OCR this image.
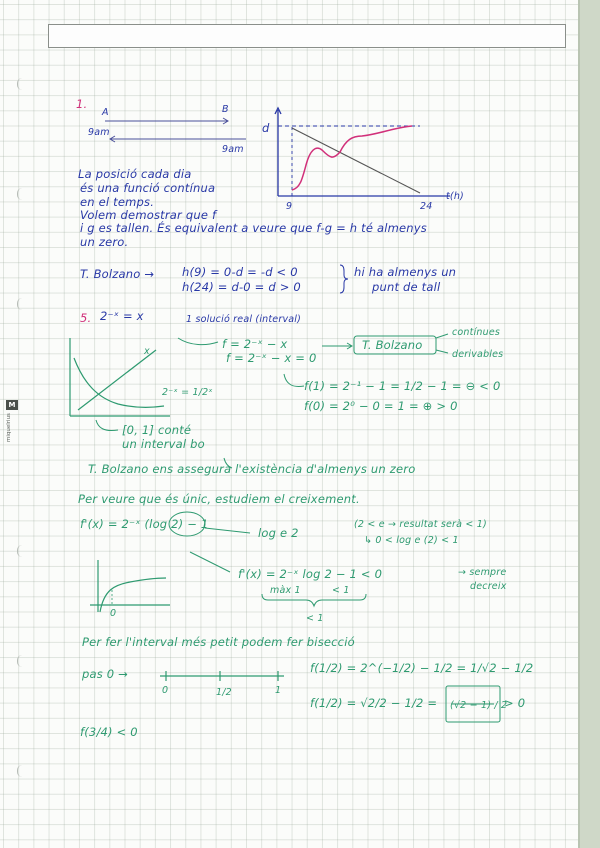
M
miquelrius
1.
A	B
9am
9am
d
9	24
t(h)
La posició cada dia
és una funció contínua
en el temps.
Volem demostrar que f
i g es tallen. És equivalent a veure que f-g = h té almenys
un zero.
T. Bolzano → h(9) = 0-d = -d < 0
h(24) = d-0 = d > 0
hi ha almenys un
punt de tall
5. 2⁻ˣ = x	1 solució real (interval)
f = 2⁻ˣ − x
f = 2⁻ˣ − x = 0
T. Bolzano
contínues
derivables
x
2⁻ˣ = 1/2ˣ	f(1) = 2⁻¹ − 1 = 1/2 − 1 = ⊖ < 0
f(0) = 2⁰ − 0 = 1 = ⊕ > 0
[0, 1] conté
un interval bo
T. Bolzano ens assegura l'existència d'almenys un zero
Per veure que és únic, estudiem el creixement.
f'(x) = 2⁻ˣ (log 2) − 1
log e 2
(2 < e → resultat serà < 1)
↳ 0 < log e (2) < 1
f'(x) = 2⁻ˣ log 2 − 1 < 0
màx 1	< 1
< 1
→ sempre
decreix
0
Per fer l'interval més petit podem fer bisecció
pas 0 →
0	1/2	1
f(1/2) = 2^(−1/2) − 1/2 = 1/√2 − 1/2
f(1/2) = √2/2 − 1/2 = (√2 − 1) / 2
> 0
f(3/4) < 0
